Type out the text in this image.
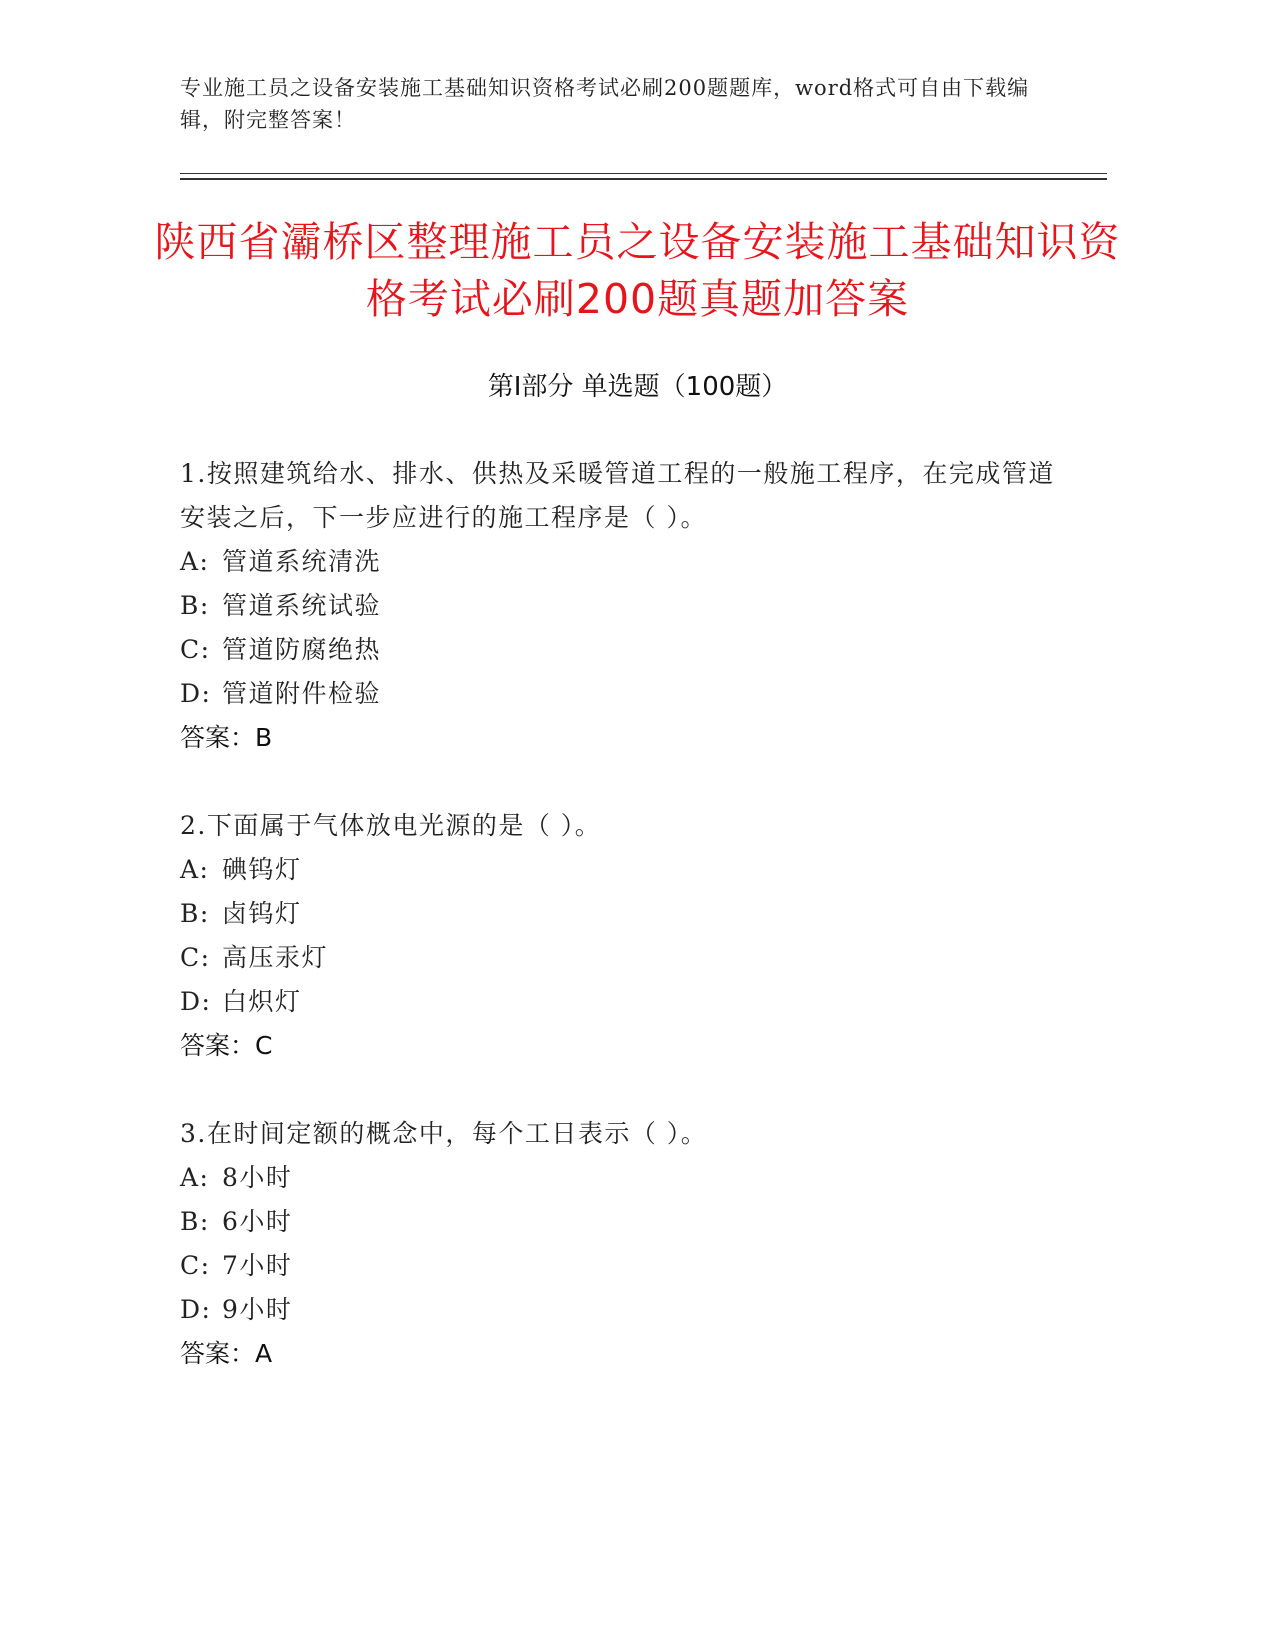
专业施工员之设备安装施工基础知识资格考试必刷200题题库，word格式可自由下载编辑，附完整答案！
陕西省灞桥区整理施工员之设备安装施工基础知识资格考试必刷200题真题加答案
第I部分 单选题（100题）

1.按照建筑给水、排水、供热及采暖管道工程的一般施工程序，在完成管道安装之后，下一步应进行的施工程序是（ ）。

A: 管道系统清洗

B: 管道系统试验

C: 管道防腐绝热

D: 管道附件检验

答案：B

2.下面属于气体放电光源的是（ ）。

A: 碘钨灯

B: 卤钨灯

C: 高压汞灯

D: 白炽灯

答案：C

3.在时间定额的概念中，每个工日表示（ ）。

A: 8小时

B: 6小时

C: 7小时

D: 9小时

答案：A
